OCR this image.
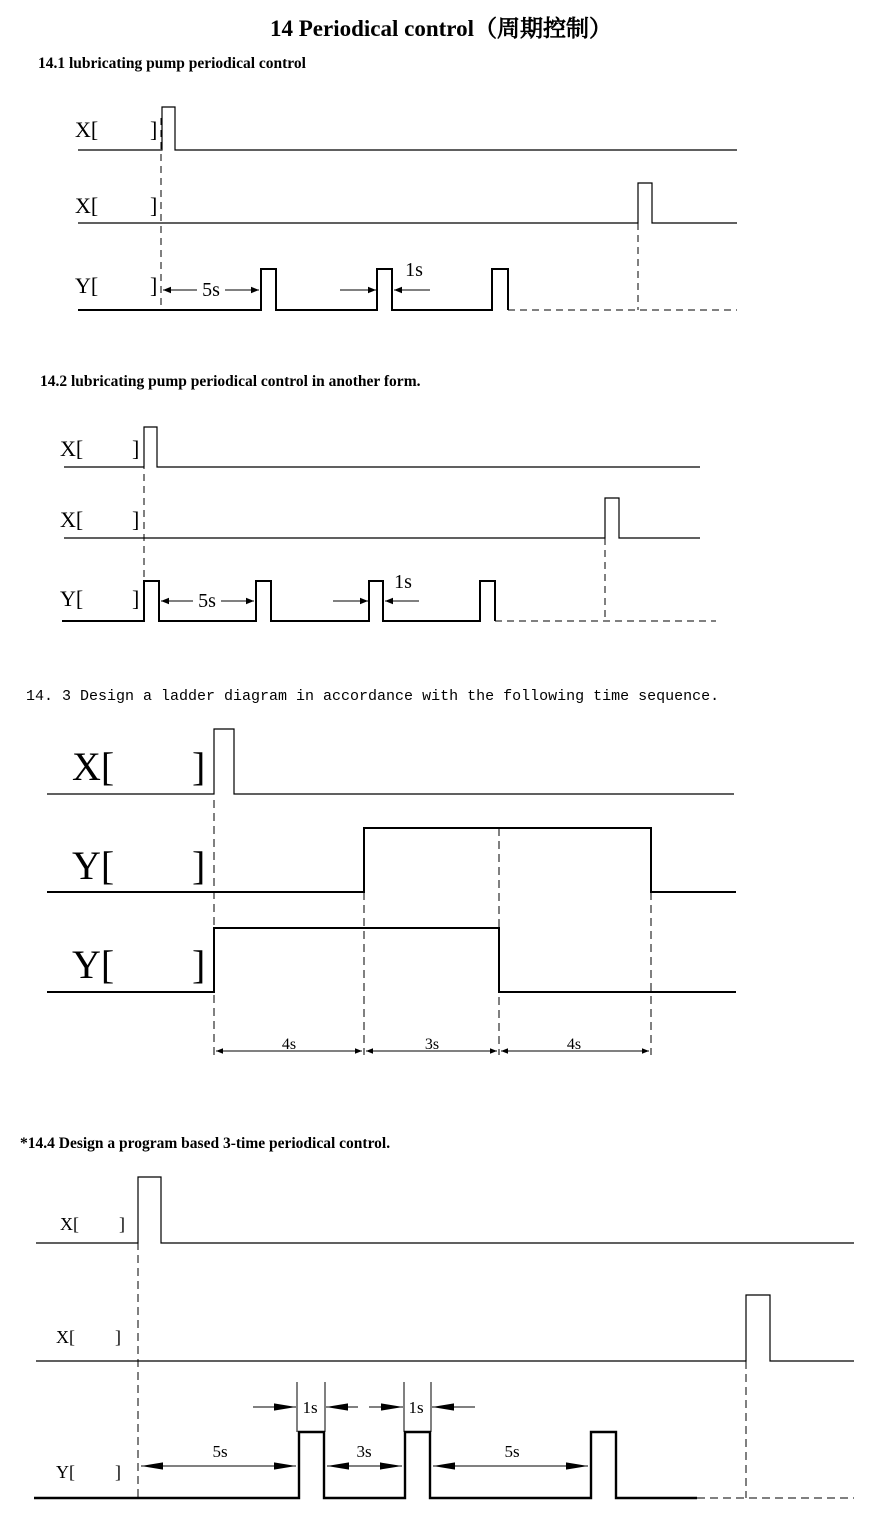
14 Periodical control（周期控制）
14.1 lubricating pump periodical control
X[ ]
X[ ]
Y[ ] 5s
1s
14.2 lubricating pump periodical control in another form.
X[ ]
X[ ]
Y[ ]	5s
1s
14. 3 Design a ladder diagram in accordance with the following time sequence.
X[ ]
Y[ ]
Y[ ]
4s	3s	4s
*14.4 Design a program based 3-time periodical control.
X[ ]
X[ ]
Y[ ]
5s	3s	5s
1s	1s
